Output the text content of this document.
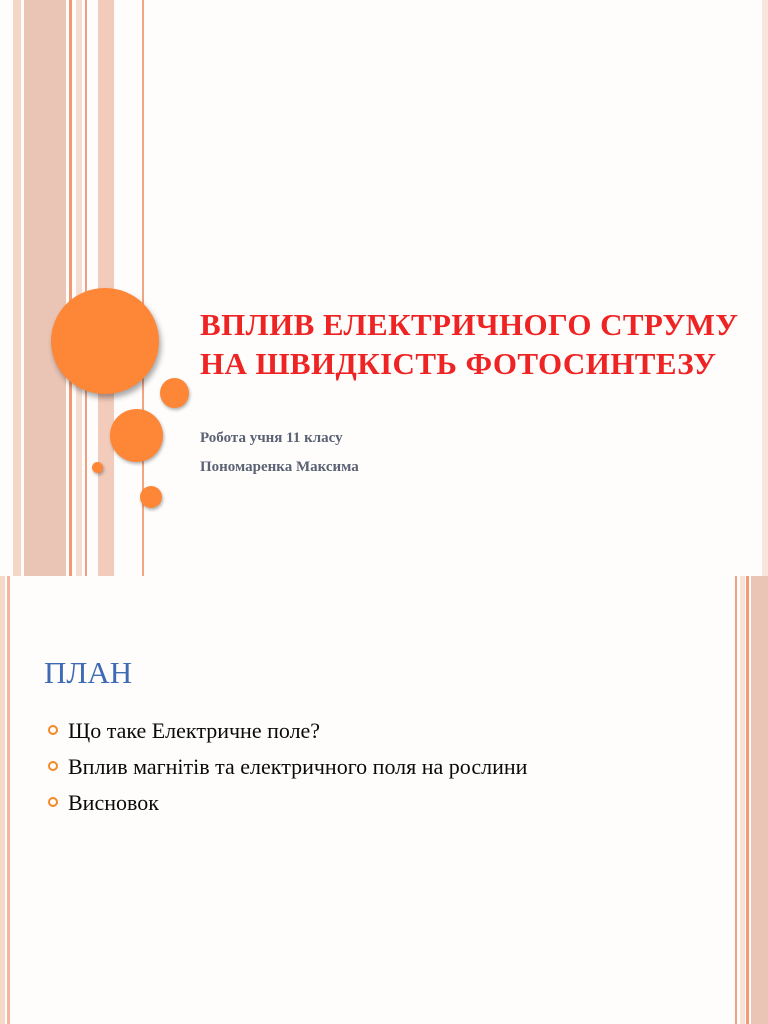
ВПЛИВ ЕЛЕКТРИЧНОГО СТРУМУ НА ШВИДКІСТЬ ФОТОСИНТЕЗУ

Робота учня 11 класу

Пономаренка Максима

ПЛАН
Що таке Електричне поле?
Вплив магнітів та електричного поля на рослини
Висновок
